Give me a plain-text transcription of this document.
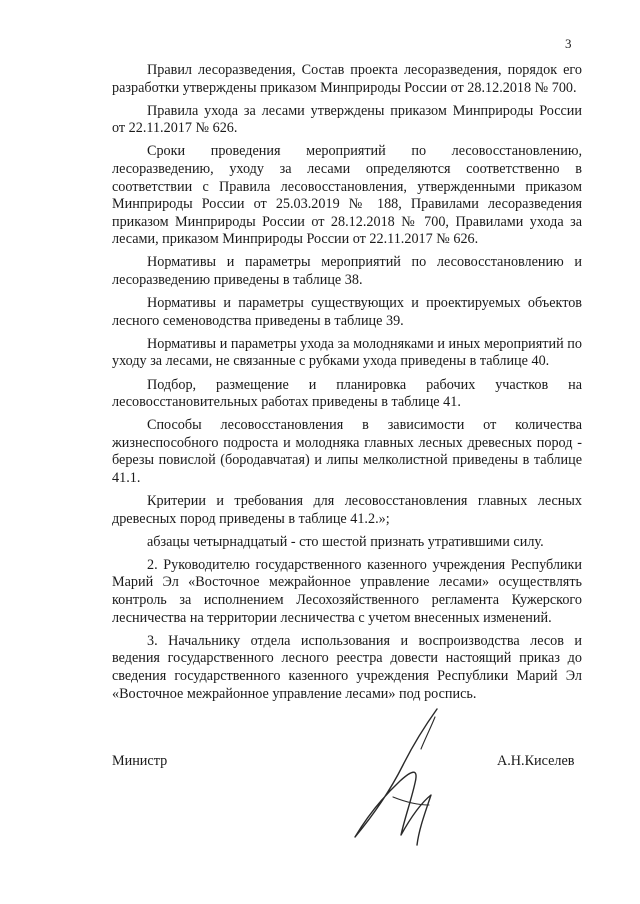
3

Правил лесоразведения, Состав проекта лесоразведения, порядок его разработки утверждены приказом Минприроды России от 28.12.2018 № 700.

Правила ухода за лесами утверждены приказом Минприроды России от 22.11.2017 № 626.

Сроки проведения мероприятий по лесовосстановлению, лесоразведению, уходу за лесами определяются соответственно в соответствии с Правила лесовосстановления, утвержденными приказом Минприроды России от 25.03.2019 № 188, Правилами лесоразведения приказом Минприроды России от 28.12.2018 № 700, Правилами ухода за лесами, приказом Минприроды России от 22.11.2017 № 626.

Нормативы и параметры мероприятий по лесовосстановлению и лесоразведению приведены в таблице 38.

Нормативы и параметры существующих и проектируемых объектов лесного семеноводства приведены в таблице 39.

Нормативы и параметры ухода за молодняками и иных мероприятий по уходу за лесами, не связанные с рубками ухода приведены в таблице 40.

Подбор, размещение и планировка рабочих участков на лесовосстановительных работах приведены в таблице 41.

Способы лесовосстановления в зависимости от количества жизнеспособного подроста и молодняка главных лесных древесных пород - березы повислой (бородавчатая) и липы мелколистной приведены в таблице 41.1.

Критерии и требования для лесовосстановления главных лесных древесных пород приведены в таблице 41.2.»;

абзацы четырнадцатый - сто шестой признать утратившими силу.

2. Руководителю государственного казенного учреждения Республики Марий Эл «Восточное межрайонное управление лесами» осуществлять контроль за исполнением Лесохозяйственного регламента Кужерского лесничества на территории лесничества с учетом внесенных изменений.

3. Начальнику отдела использования и воспроизводства лесов и ведения государственного лесного реестра довести настоящий приказ до сведения государственного казенного учреждения Республики Марий Эл «Восточное межрайонное управление лесами» под роспись.

Министр	А.Н.Киселев
